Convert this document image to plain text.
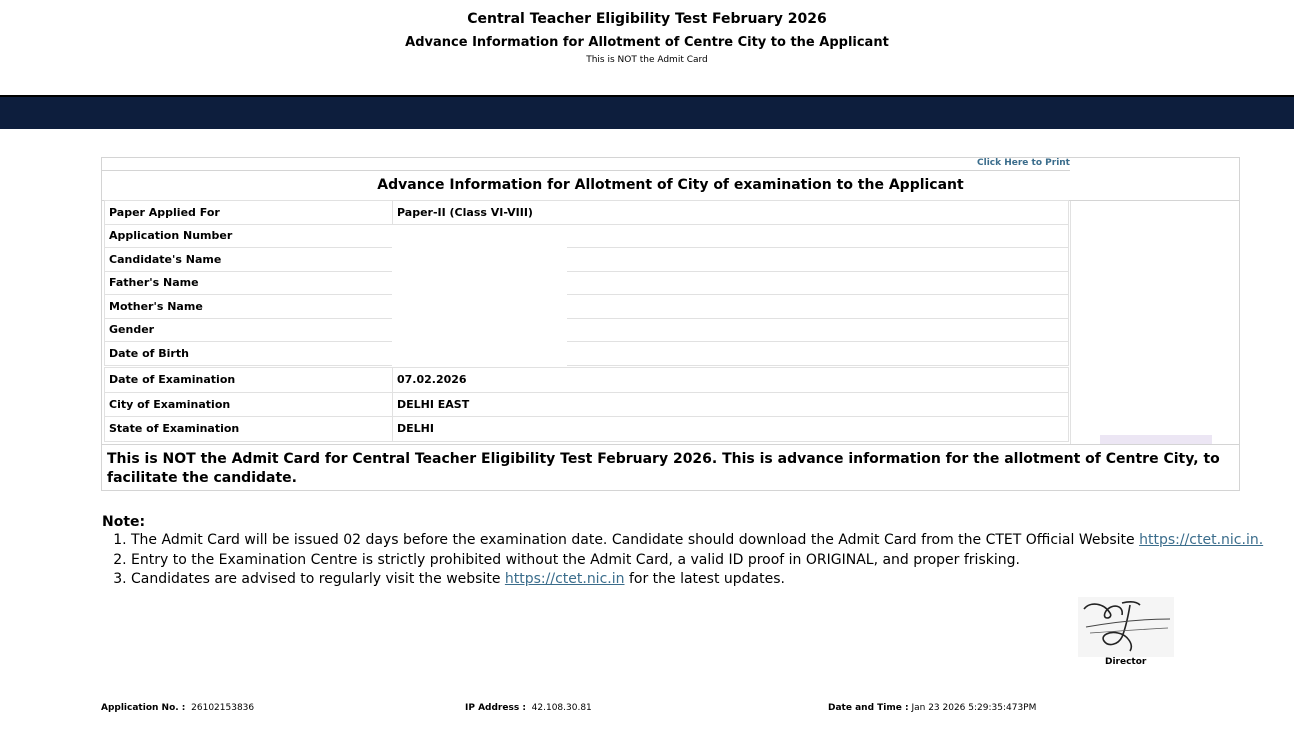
Central Teacher Eligibility Test February 2026
Advance Information for Allotment of Centre City to the Applicant
This is NOT the Admit Card
Click Here to Print
Advance Information for Allotment of City of examination to the Applicant
Paper Applied For	Paper-II (Class VI-VIII)
Application Number	
Candidate's Name	
Father's Name	
Mother's Name	
Gender	
Date of Birth	
Date of Examination	07.02.2026
City of Examination	DELHI EAST
State of Examination	DELHI
This is NOT the Admit Card for Central Teacher Eligibility Test February 2026. This is advance information for the allotment of Centre City, to facilitate the candidate.
Note:
1. The Admit Card will be issued 02 days before the examination date. Candidate should download the Admit Card from the CTET Official Website https://ctet.nic.in.
2. Entry to the Examination Centre is strictly prohibited without the Admit Card, a valid ID proof in ORIGINAL, and proper frisking.
3. Candidates are advised to regularly visit the website https://ctet.nic.in for the latest updates.
Director
Application No. : 26102153836	IP Address : 42.108.30.81	Date and Time : Jan 23 2026 5:29:35:473PM
